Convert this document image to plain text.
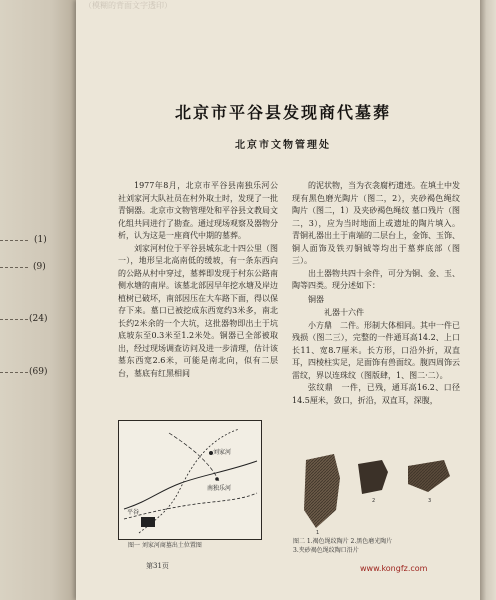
(1)
(9)
(24)
(69)
（模糊的背面文字透印）
北京市平谷县发现商代墓葬
北京市文物管理处

1977年8月，北京市平谷县南独乐河公社刘家河大队社员在村外取土时，发现了一批青铜器。北京市文物管理处和平谷县文教局文化组共同进行了勘查。通过现场观察及器物分析，认为这是一座商代中期的墓葬。

刘家河村位于平谷县城东北十四公里（图一），地形呈北高南低的缓坡，有一条东西向的公路从村中穿过，墓葬即发现于村东公路南侧水塘的南岸。该墓北部因早年挖水塘及岸边植树已破坏，南部因压在大车路下面，得以保存下来。墓口已被挖成东西宽约3米多，南北长约2米余的一个大坑，这批器物即出土于坑底坡东至0.3米至1.2米处。铜器已全部被取出，经过现场调查访问及进一步清理，估计该墓东西宽2.6米，可能是南北向，似有二层台，墓底有红黑相间

的泥状物，当为衣衾腐朽遗迹。在填土中发现有黑色磨光陶片（图二，2），夹砂褐色绳纹陶片（图二，1）及夹砂褐色绳纹 墓口残片（图二，3），应为当时地面上或遗址的陶片填入。青铜礼器出土于南端的二层台上，金饰、玉饰、铜人面饰及铁刃铜钺等均出于墓葬底部（图三）。

出土器物共四十余件，可分为铜、金、玉、陶等四类。现分述如下：

铜器
礼器十六件

小方鼎　二件。形制大体相同。其中一件已残损（图二三），完整的一件通耳高14.2、上口长11、宽8.7厘米。长方形，口沿外折，双直耳，四棱柱实足，足面饰有兽面纹。腹四周饰云雷纹，界以连珠纹（图版肆，1、图二·二）。

弦纹鼎　一件，已残，通耳高16.2、口径14.5厘米，敛口，折沿，双直耳，深腹，

刘家河
平谷
南独乐河
图一 刘家河商墓出土位置图
1
2	3
图二 1.褐色绳纹陶片 2.黑色磨光陶片
3.夹砂褐色绳纹陶口沿片
第31页	www.kongfz.com
